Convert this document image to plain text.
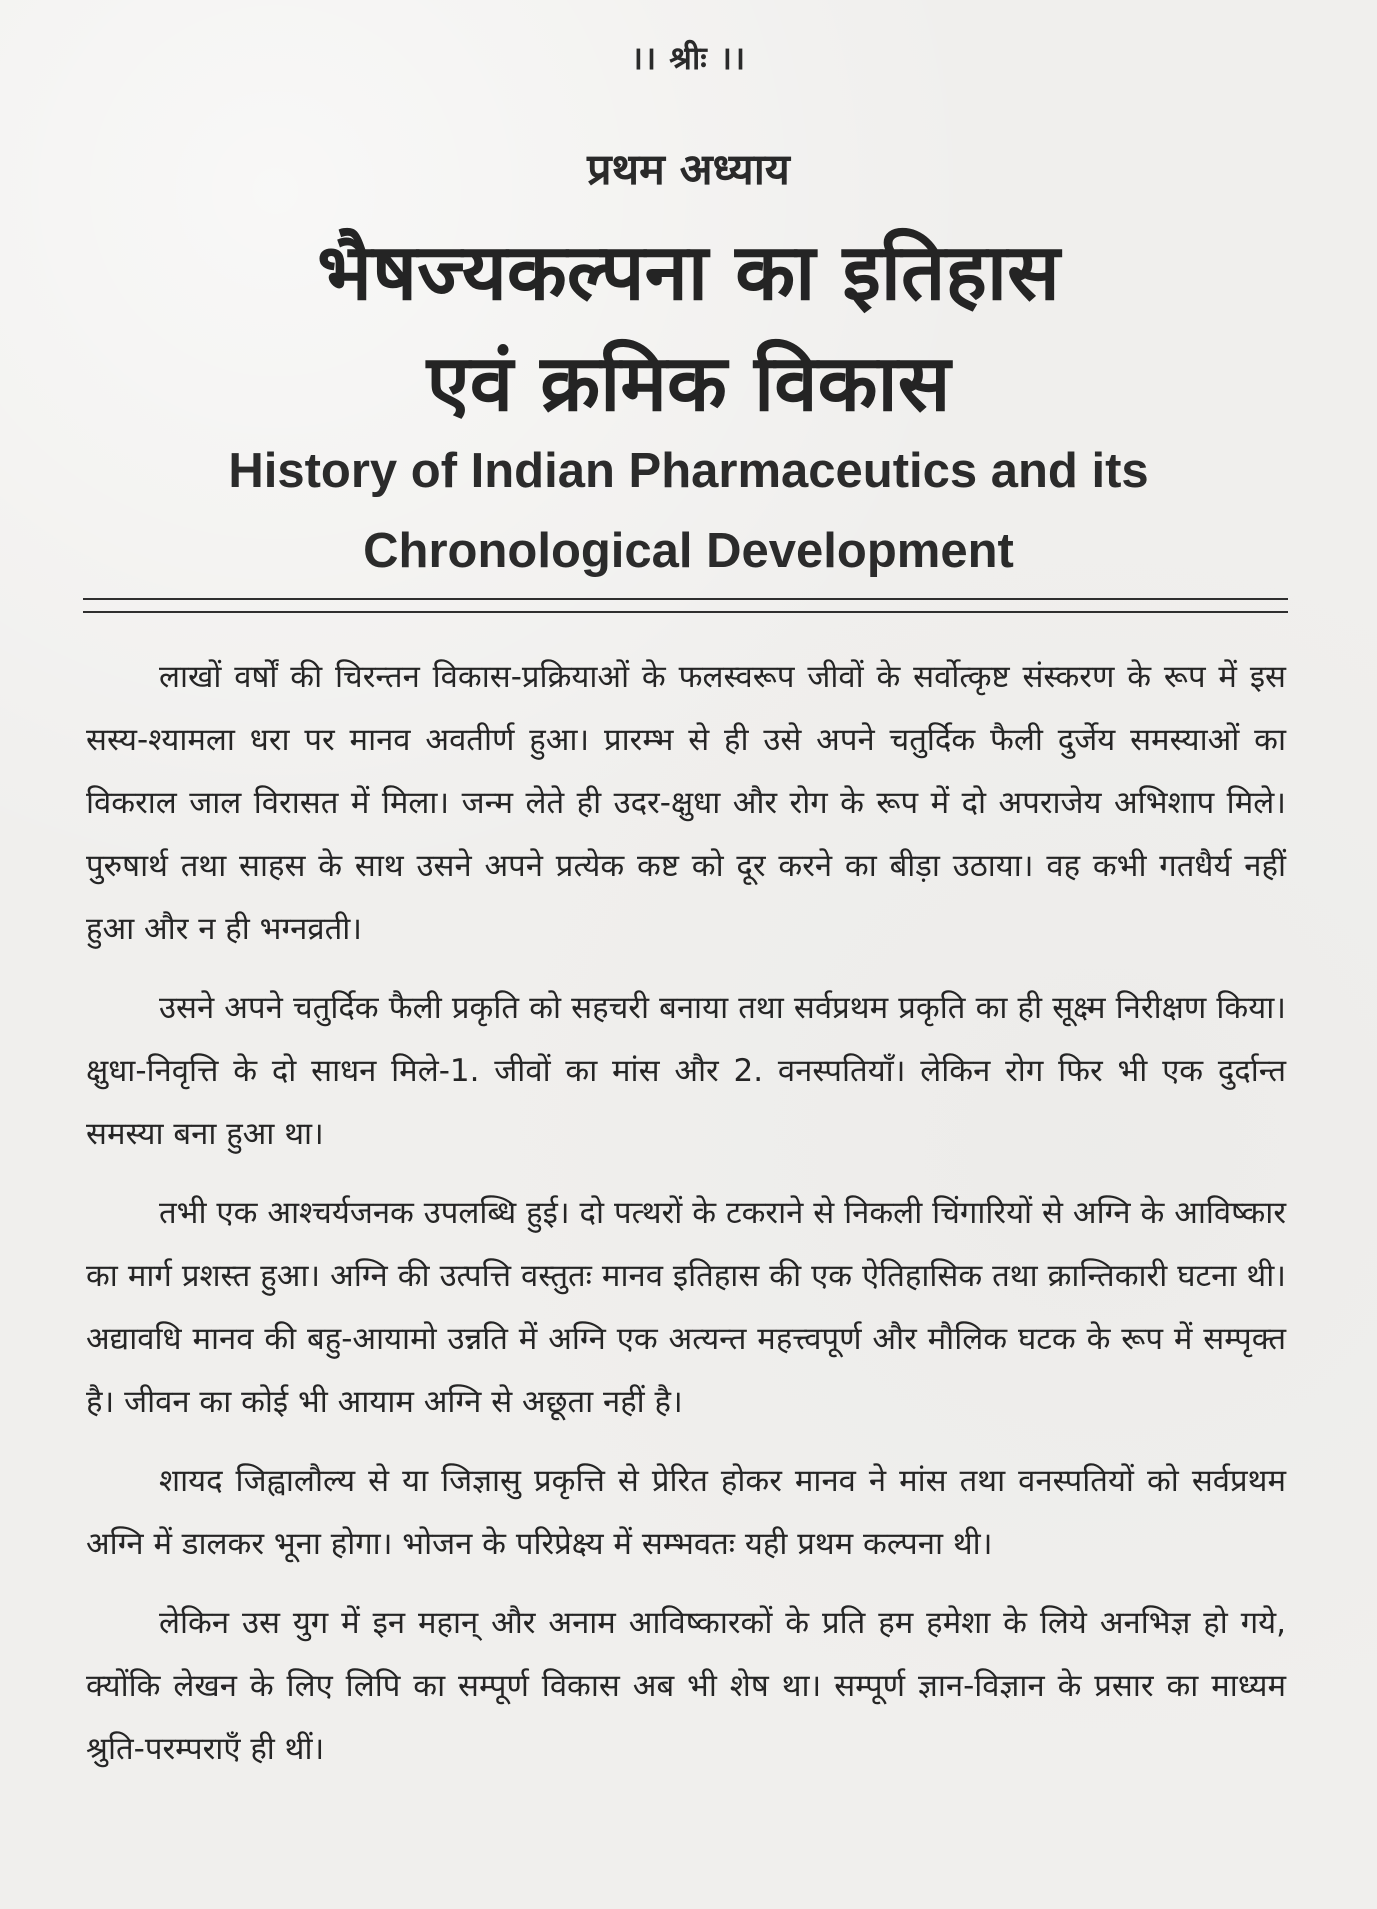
।। श्रीः ।।
प्रथम अध्याय
भैषज्यकल्पना का इतिहास
एवं क्रमिक विकास
History of Indian Pharmaceutics and its
Chronological Development

लाखों वर्षों की चिरन्तन विकास-प्रक्रियाओं के फलस्वरूप जीवों के सर्वोत्कृष्ट संस्करण के रूप में इस सस्य-श्यामला धरा पर मानव अवतीर्ण हुआ। प्रारम्भ से ही उसे अपने चतुर्दिक फैली दुर्जेय समस्याओं का विकराल जाल विरासत में मिला। जन्म लेते ही उदर-क्षुधा और रोग के रूप में दो अपराजेय अभिशाप मिले। पुरुषार्थ तथा साहस के साथ उसने अपने प्रत्येक कष्ट को दूर करने का बीड़ा उठाया। वह कभी गतधैर्य नहीं हुआ और न ही भग्नव्रती।

उसने अपने चतुर्दिक फैली प्रकृति को सहचरी बनाया तथा सर्वप्रथम प्रकृति का ही सूक्ष्म निरीक्षण किया। क्षुधा-निवृत्ति के दो साधन मिले-1. जीवों का मांस और 2. वनस्पतियाँ। लेकिन रोग फिर भी एक दुर्दान्त समस्या बना हुआ था।

तभी एक आश्चर्यजनक उपलब्धि हुई। दो पत्थरों के टकराने से निकली चिंगारियों से अग्नि के आविष्कार का मार्ग प्रशस्त हुआ। अग्नि की उत्पत्ति वस्तुतः मानव इतिहास की एक ऐतिहासिक तथा क्रान्तिकारी घटना थी। अद्यावधि मानव की बहु-आयामो उन्नति में अग्नि एक अत्यन्त महत्त्वपूर्ण और मौलिक घटक के रूप में सम्पृक्त है। जीवन का कोई भी आयाम अग्नि से अछूता नहीं है।

शायद जिह्वालौल्य से या जिज्ञासु प्रकृत्ति से प्रेरित होकर मानव ने मांस तथा वनस्पतियों को सर्वप्रथम अग्नि में डालकर भूना होगा। भोजन के परिप्रेक्ष्य में सम्भवतः यही प्रथम कल्पना थी।

लेकिन उस युग में इन महान् और अनाम आविष्कारकों के प्रति हम हमेशा के लिये अनभिज्ञ हो गये, क्योंकि लेखन के लिए लिपि का सम्पूर्ण विकास अब भी शेष था। सम्पूर्ण ज्ञान-विज्ञान के प्रसार का माध्यम श्रुति-परम्पराएँ ही थीं।
